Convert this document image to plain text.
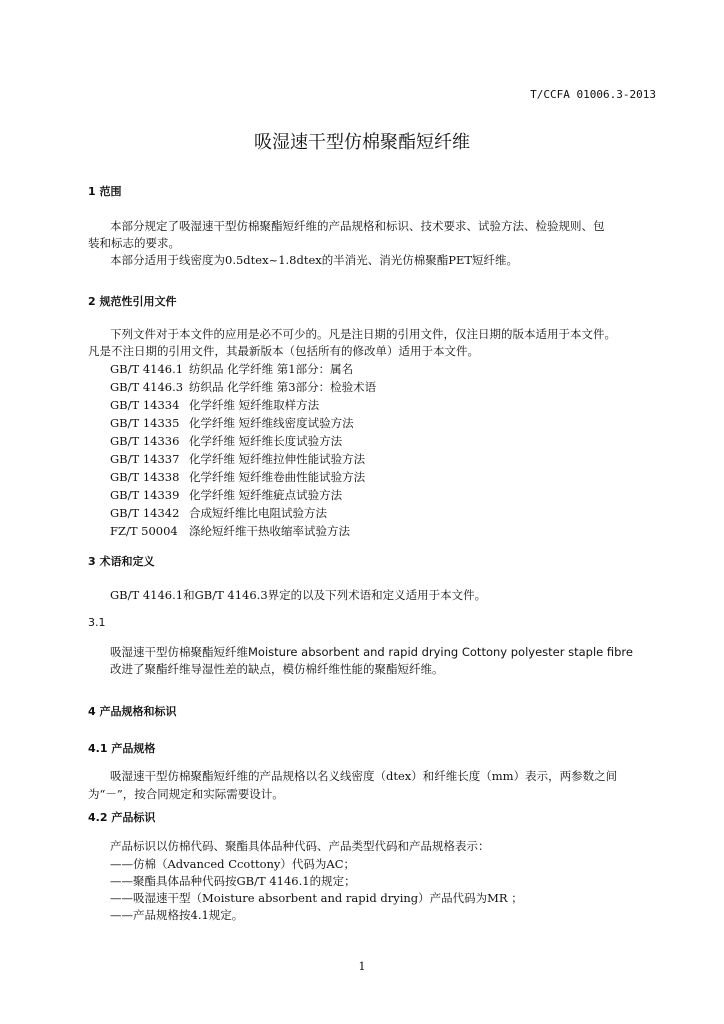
T/CCFA 01006.3-2013
吸湿速干型仿棉聚酯短纤维
1 范围
本部分规定了吸湿速干型仿棉聚酯短纤维的产品规格和标识、技术要求、试验方法、检验规则、包
装和标志的要求。
本部分适用于线密度为0.5dtex~1.8dtex的半消光、消光仿棉聚酯PET短纤维。
2 规范性引用文件
下列文件对于本文件的应用是必不可少的。凡是注日期的引用文件，仅注日期的版本适用于本文件。
凡是不注日期的引用文件，其最新版本（包括所有的修改单）适用于本文件。
GB/T 4146.1 纺织品 化学纤维 第1部分：属名
GB/T 4146.3 纺织品 化学纤维 第3部分：检验术语
GB/T 14334 化学纤维 短纤维取样方法
GB/T 14335 化学纤维 短纤维线密度试验方法
GB/T 14336 化学纤维 短纤维长度试验方法
GB/T 14337 化学纤维 短纤维拉伸性能试验方法
GB/T 14338 化学纤维 短纤维卷曲性能试验方法
GB/T 14339 化学纤维 短纤维疵点试验方法
GB/T 14342 合成短纤维比电阻试验方法
FZ/T 50004 涤纶短纤维干热收缩率试验方法
3 术语和定义
GB/T 4146.1和GB/T 4146.3界定的以及下列术语和定义适用于本文件。
3.1
吸湿速干型仿棉聚酯短纤维Moisture absorbent and rapid drying Cottony polyester staple fibre
改进了聚酯纤维导湿性差的缺点，模仿棉纤维性能的聚酯短纤维。
4 产品规格和标识
4.1 产品规格
吸湿速干型仿棉聚酯短纤维的产品规格以名义线密度（dtex）和纤维长度（mm）表示，两参数之间
为“－”，按合同规定和实际需要设计。
4.2 产品标识
产品标识以仿棉代码、聚酯具体品种代码、产品类型代码和产品规格表示：
——仿棉（Advanced Ccottony）代码为AC；
——聚酯具体品种代码按GB/T 4146.1的规定；
——吸湿速干型（Moisture absorbent and rapid drying）产品代码为MR ；
——产品规格按4.1规定。
1
